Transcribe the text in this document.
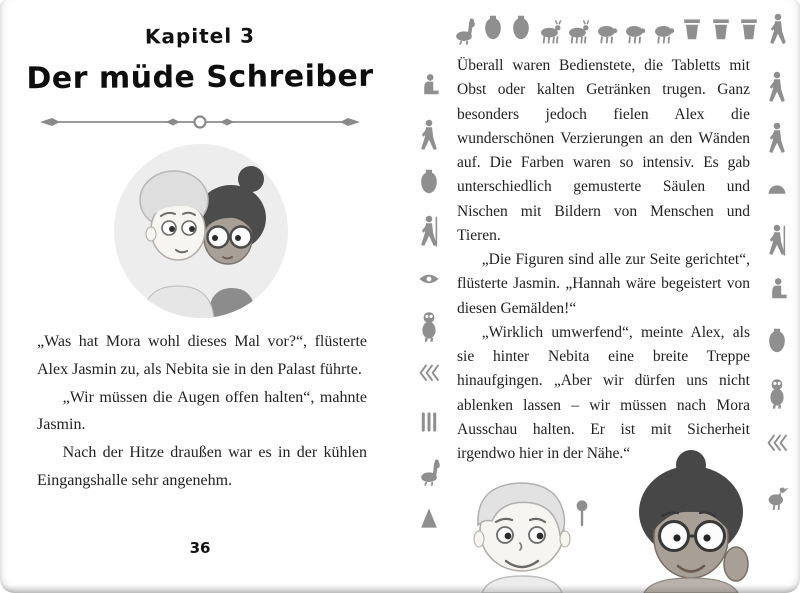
Kapitel 3
Der müde Schreiber

„Was hat Mora wohl dieses Mal vor?“, flüsterte Alex Jasmin zu, als Nebita sie in den Palast führte.

„Wir müssen die Augen offen halten“, mahnte Jasmin.

Nach der Hitze draußen war es in der kühlen Eingangshalle sehr angenehm.

36

Überall waren Bedienstete, die Tabletts mit Obst oder kalten Getränken trugen. Ganz besonders jedoch fielen Alex die wunderschönen Verzierungen an den Wänden auf. Die Farben waren so intensiv. Es gab unterschiedlich gemusterte Säulen und Nischen mit Bildern von Menschen und Tieren.

„Die Figuren sind alle zur Seite gerichtet“, flüsterte Jasmin. „Hannah wäre begeistert von diesen Gemälden!“

„Wirklich umwerfend“, meinte Alex, als sie hinter Nebita eine breite Treppe hinaufgingen. „Aber wir dürfen uns nicht ablenken lassen – wir müssen nach Mora Ausschau halten. Er ist mit Sicherheit irgendwo hier in der Nähe.“
